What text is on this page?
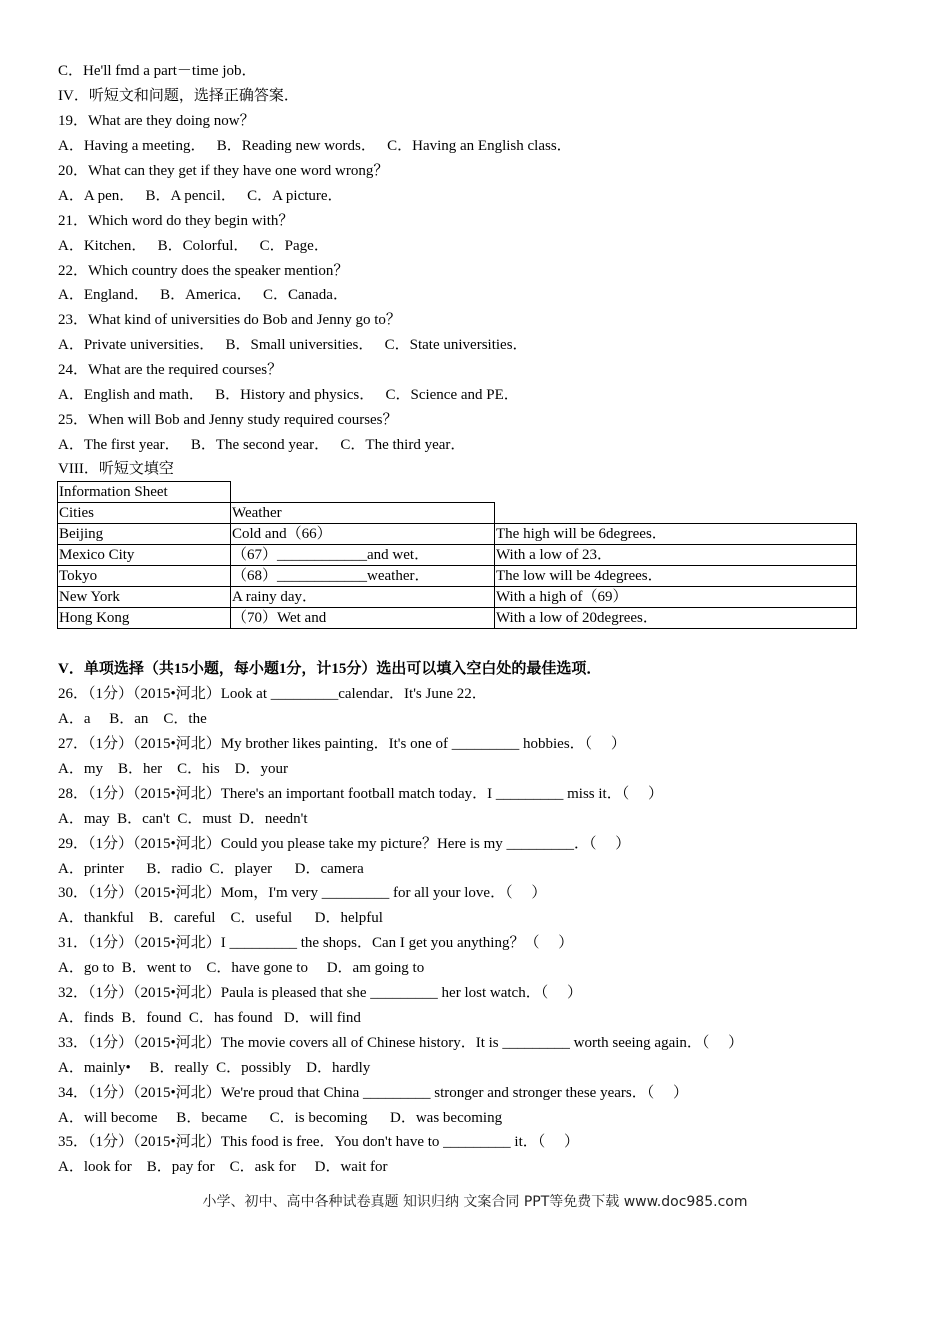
C．He'll fmd a part－time job．
IV．听短文和问题，选择正确答案．
19．What are they doing now？
A．Having a meeting．   B．Reading new words．   C．Having an English class．
20．What can they get if they have one word wrong？
A．A pen．   B．A pencil．   C．A picture．
21．Which word do they begin with？
A．Kitchen．   B．Colorful．   C．Page．
22．Which country does the speaker mention？
A．England．   B．America．   C．Canada．
23．What kind of universities do Bob and Jenny go to？
A．Private universities．   B．Small universities．   C．State universities．
24．What are the required courses？
A．English and math．   B．History and physics．   C．Science and PE．
25．When will Bob and Jenny study required courses？
A．The first year．   B．The second year．   C．The third year．
VIII．听短文填空
Information Sheet		
Cities	Weather	
Beijing	Cold and（66）	The high will be 6degrees．
Mexico City	（67）____________and wet．	With a low of 23．
Tokyo	（68）____________weather．	The low will be 4degrees．
New York	A rainy day．	With a high of（69）
Hong Kong	（70）Wet and	With a low of 20degrees．
V．单项选择（共15小题，每小题1分，计15分）选出可以填入空白处的最佳选项．
26．（1分）（2015•河北）Look at _________calendar．It's June 22．
A．a     B．an    C．the
27．（1分）（2015•河北）My brother likes painting．It's one of _________ hobbies．（     ）
A．my    B．her    C．his    D．your
28．（1分）（2015•河北）There's an important football match today．I _________ miss it．（     ）
A．may  B．can't  C．must  D．needn't
29．（1分）（2015•河北）Could you please take my picture？Here is my _________．（     ）
A．printer      B．radio  C．player      D．camera
30．（1分）（2015•河北）Mom，I'm very _________ for all your love．（     ）
A．thankful    B．careful    C．useful      D．helpful
31．（1分）（2015•河北）I _________ the shops．Can I get you anything？（     ）
A．go to  B．went to    C．have gone to     D．am going to
32．（1分）（2015•河北）Paula is pleased that she _________ her lost watch．（     ）
A．finds  B．found  C．has found   D．will find
33．（1分）（2015•河北）The movie covers all of Chinese history．It is _________ worth seeing again．（     ）
A．mainly•     B．really  C．possibly    D．hardly
34．（1分）（2015•河北）We're proud that China _________ stronger and stronger these years．（     ）
A．will become     B．became      C．is becoming      D．was becoming
35．（1分）（2015•河北）This food is free．You don't have to _________ it．（     ）
A．look for    B．pay for    C．ask for     D．wait for
小学、初中、高中各种试卷真题 知识归纳 文案合同 PPT等免费下载 www.doc985.com
